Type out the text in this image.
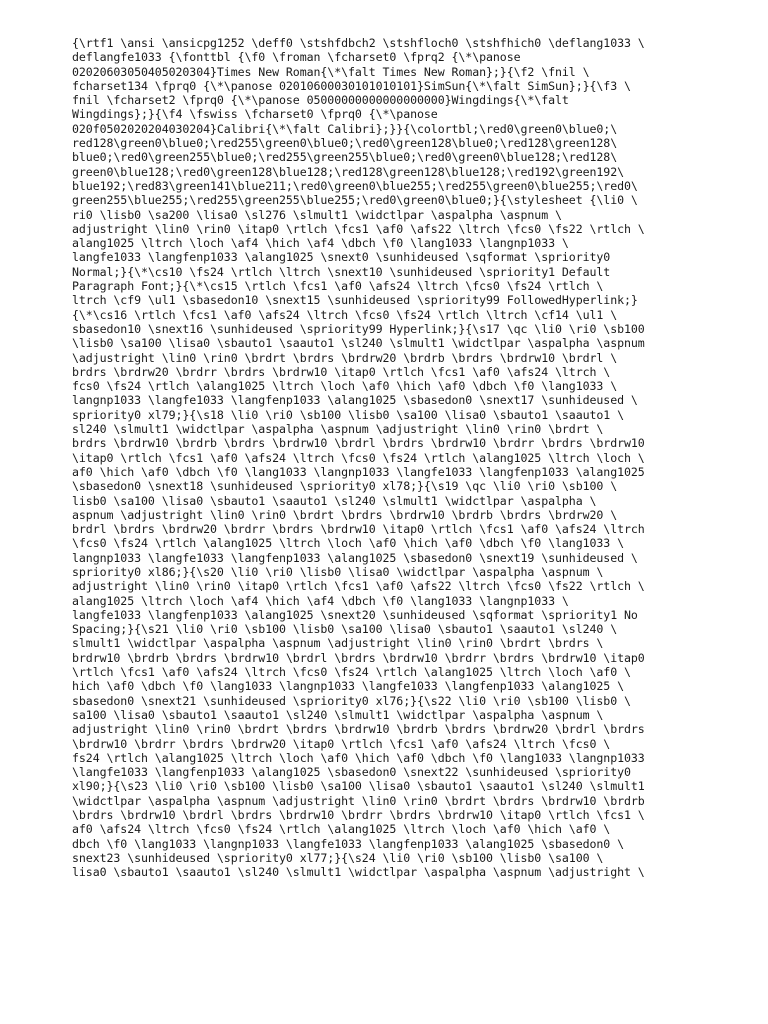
{\rtf1 \ansi \ansicpg1252 \deff0 \stshfdbch2 \stshfloch0 \stshfhich0 \deflang1033 \
deflangfe1033 {\fonttbl {\f0 \froman \fcharset0 \fprq2 {\*\panose
02020603050405020304}Times New Roman{\*\falt Times New Roman};}{\f2 \fnil \
fcharset134 \fprq0 {\*\panose 02010600030101010101}SimSun{\*\falt SimSun};}{\f3 \
fnil \fcharset2 \fprq0 {\*\panose 05000000000000000000}Wingdings{\*\falt
Wingdings};}{\f4 \fswiss \fcharset0 \fprq0 {\*\panose
020f0502020204030204}Calibri{\*\falt Calibri};}}{\colortbl;\red0\green0\blue0;\
red128\green0\blue0;\red255\green0\blue0;\red0\green128\blue0;\red128\green128\
blue0;\red0\green255\blue0;\red255\green255\blue0;\red0\green0\blue128;\red128\
green0\blue128;\red0\green128\blue128;\red128\green128\blue128;\red192\green192\
blue192;\red83\green141\blue211;\red0\green0\blue255;\red255\green0\blue255;\red0\
green255\blue255;\red255\green255\blue255;\red0\green0\blue0;}{\stylesheet {\li0 \
ri0 \lisb0 \sa200 \lisa0 \sl276 \slmult1 \widctlpar \aspalpha \aspnum \
adjustright \lin0 \rin0 \itap0 \rtlch \fcs1 \af0 \afs22 \ltrch \fcs0 \fs22 \rtlch \
alang1025 \ltrch \loch \af4 \hich \af4 \dbch \f0 \lang1033 \langnp1033 \
langfe1033 \langfenp1033 \alang1025 \snext0 \sunhideused \sqformat \spriority0
Normal;}{\*\cs10 \fs24 \rtlch \ltrch \snext10 \sunhideused \spriority1 Default
Paragraph Font;}{\*\cs15 \rtlch \fcs1 \af0 \afs24 \ltrch \fcs0 \fs24 \rtlch \
ltrch \cf9 \ul1 \sbasedon10 \snext15 \sunhideused \spriority99 FollowedHyperlink;}
{\*\cs16 \rtlch \fcs1 \af0 \afs24 \ltrch \fcs0 \fs24 \rtlch \ltrch \cf14 \ul1 \
sbasedon10 \snext16 \sunhideused \spriority99 Hyperlink;}{\s17 \qc \li0 \ri0 \sb100
\lisb0 \sa100 \lisa0 \sbauto1 \saauto1 \sl240 \slmult1 \widctlpar \aspalpha \aspnum
\adjustright \lin0 \rin0 \brdrt \brdrs \brdrw20 \brdrb \brdrs \brdrw10 \brdrl \
brdrs \brdrw20 \brdrr \brdrs \brdrw10 \itap0 \rtlch \fcs1 \af0 \afs24 \ltrch \
fcs0 \fs24 \rtlch \alang1025 \ltrch \loch \af0 \hich \af0 \dbch \f0 \lang1033 \
langnp1033 \langfe1033 \langfenp1033 \alang1025 \sbasedon0 \snext17 \sunhideused \
spriority0 xl79;}{\s18 \li0 \ri0 \sb100 \lisb0 \sa100 \lisa0 \sbauto1 \saauto1 \
sl240 \slmult1 \widctlpar \aspalpha \aspnum \adjustright \lin0 \rin0 \brdrt \
brdrs \brdrw10 \brdrb \brdrs \brdrw10 \brdrl \brdrs \brdrw10 \brdrr \brdrs \brdrw10
\itap0 \rtlch \fcs1 \af0 \afs24 \ltrch \fcs0 \fs24 \rtlch \alang1025 \ltrch \loch \
af0 \hich \af0 \dbch \f0 \lang1033 \langnp1033 \langfe1033 \langfenp1033 \alang1025
\sbasedon0 \snext18 \sunhideused \spriority0 xl78;}{\s19 \qc \li0 \ri0 \sb100 \
lisb0 \sa100 \lisa0 \sbauto1 \saauto1 \sl240 \slmult1 \widctlpar \aspalpha \
aspnum \adjustright \lin0 \rin0 \brdrt \brdrs \brdrw10 \brdrb \brdrs \brdrw20 \
brdrl \brdrs \brdrw20 \brdrr \brdrs \brdrw10 \itap0 \rtlch \fcs1 \af0 \afs24 \ltrch
\fcs0 \fs24 \rtlch \alang1025 \ltrch \loch \af0 \hich \af0 \dbch \f0 \lang1033 \
langnp1033 \langfe1033 \langfenp1033 \alang1025 \sbasedon0 \snext19 \sunhideused \
spriority0 xl86;}{\s20 \li0 \ri0 \lisb0 \lisa0 \widctlpar \aspalpha \aspnum \
adjustright \lin0 \rin0 \itap0 \rtlch \fcs1 \af0 \afs22 \ltrch \fcs0 \fs22 \rtlch \
alang1025 \ltrch \loch \af4 \hich \af4 \dbch \f0 \lang1033 \langnp1033 \
langfe1033 \langfenp1033 \alang1025 \snext20 \sunhideused \sqformat \spriority1 No
Spacing;}{\s21 \li0 \ri0 \sb100 \lisb0 \sa100 \lisa0 \sbauto1 \saauto1 \sl240 \
slmult1 \widctlpar \aspalpha \aspnum \adjustright \lin0 \rin0 \brdrt \brdrs \
brdrw10 \brdrb \brdrs \brdrw10 \brdrl \brdrs \brdrw10 \brdrr \brdrs \brdrw10 \itap0
\rtlch \fcs1 \af0 \afs24 \ltrch \fcs0 \fs24 \rtlch \alang1025 \ltrch \loch \af0 \
hich \af0 \dbch \f0 \lang1033 \langnp1033 \langfe1033 \langfenp1033 \alang1025 \
sbasedon0 \snext21 \sunhideused \spriority0 xl76;}{\s22 \li0 \ri0 \sb100 \lisb0 \
sa100 \lisa0 \sbauto1 \saauto1 \sl240 \slmult1 \widctlpar \aspalpha \aspnum \
adjustright \lin0 \rin0 \brdrt \brdrs \brdrw10 \brdrb \brdrs \brdrw20 \brdrl \brdrs
\brdrw10 \brdrr \brdrs \brdrw20 \itap0 \rtlch \fcs1 \af0 \afs24 \ltrch \fcs0 \
fs24 \rtlch \alang1025 \ltrch \loch \af0 \hich \af0 \dbch \f0 \lang1033 \langnp1033
\langfe1033 \langfenp1033 \alang1025 \sbasedon0 \snext22 \sunhideused \spriority0
xl90;}{\s23 \li0 \ri0 \sb100 \lisb0 \sa100 \lisa0 \sbauto1 \saauto1 \sl240 \slmult1
\widctlpar \aspalpha \aspnum \adjustright \lin0 \rin0 \brdrt \brdrs \brdrw10 \brdrb
\brdrs \brdrw10 \brdrl \brdrs \brdrw10 \brdrr \brdrs \brdrw10 \itap0 \rtlch \fcs1 \
af0 \afs24 \ltrch \fcs0 \fs24 \rtlch \alang1025 \ltrch \loch \af0 \hich \af0 \
dbch \f0 \lang1033 \langnp1033 \langfe1033 \langfenp1033 \alang1025 \sbasedon0 \
snext23 \sunhideused \spriority0 xl77;}{\s24 \li0 \ri0 \sb100 \lisb0 \sa100 \
lisa0 \sbauto1 \saauto1 \sl240 \slmult1 \widctlpar \aspalpha \aspnum \adjustright \
